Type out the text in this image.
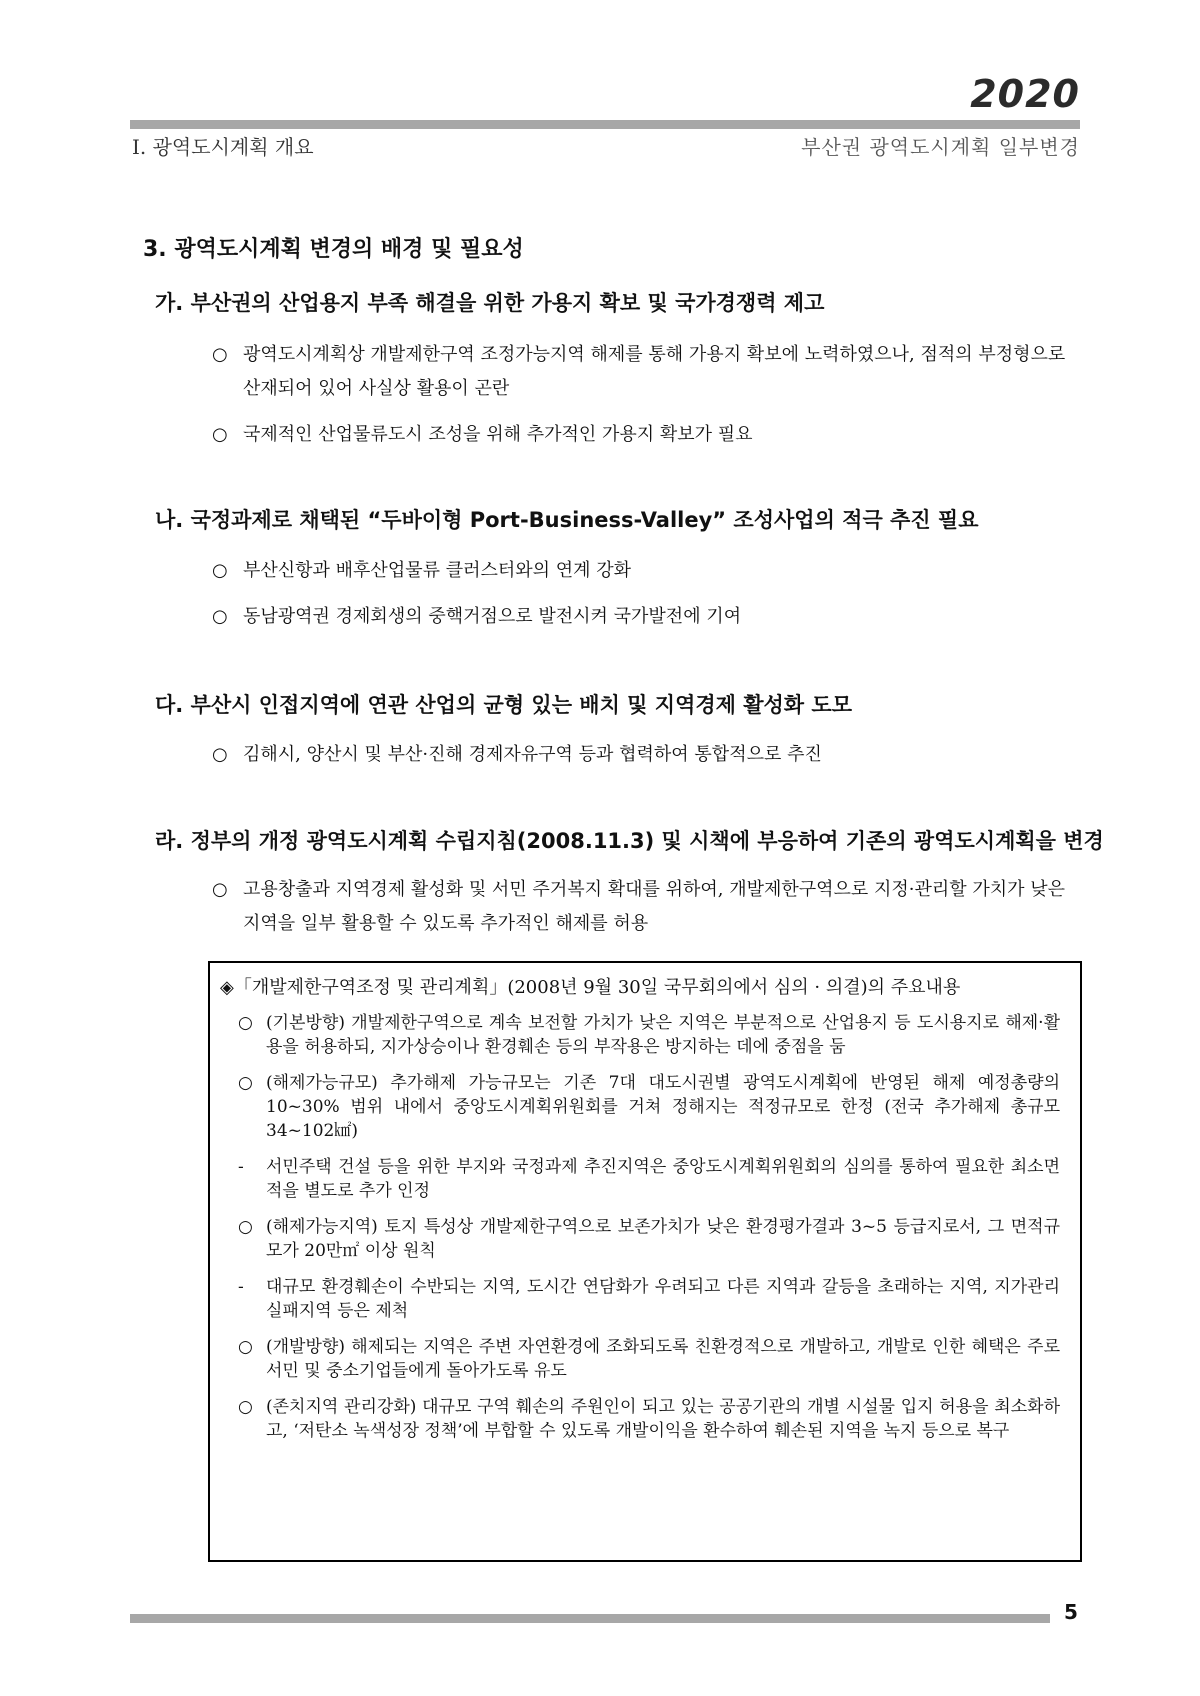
2020
Ⅰ. 광역도시계획 개요	부산권 광역도시계획 일부변경
3. 광역도시계획 변경의 배경 및 필요성
가. 부산권의 산업용지 부족 해결을 위한 가용지 확보 및 국가경쟁력 제고
○ 광역도시계획상 개발제한구역 조정가능지역 해제를 통해 가용지 확보에 노력하였으나, 점적의 부정형으로 산재되어 있어 사실상 활용이 곤란
○ 국제적인 산업물류도시 조성을 위해 추가적인 가용지 확보가 필요
나. 국정과제로 채택된 “두바이형 Port-Business-Valley” 조성사업의 적극 추진 필요
○ 부산신항과 배후산업물류 클러스터와의 연계 강화
○ 동남광역권 경제회생의 중핵거점으로 발전시켜 국가발전에 기여
다. 부산시 인접지역에 연관 산업의 균형 있는 배치 및 지역경제 활성화 도모
○ 김해시, 양산시 및 부산·진해 경제자유구역 등과 협력하여 통합적으로 추진
라. 정부의 개정 광역도시계획 수립지침(2008.11.3) 및 시책에 부응하여 기존의 광역도시계획을 변경
○ 고용창출과 지역경제 활성화 및 서민 주거복지 확대를 위하여, 개발제한구역으로 지정·관리할 가치가 낮은 지역을 일부 활용할 수 있도록 추가적인 해제를 허용

◈「개발제한구역조정 및 관리계획」(2008년 9월 30일 국무회의에서 심의 · 의결)의 주요내용

○ (기본방향) 개발제한구역으로 계속 보전할 가치가 낮은 지역은 부분적으로 산업용지 등 도시용지로 해제·활용을 허용하되, 지가상승이나 환경훼손 등의 부작용은 방지하는 데에 중점을 둠
○ (해제가능규모) 추가해제 가능규모는 기존 7대 대도시권별 광역도시계획에 반영된 해제 예정총량의 10~30% 범위 내에서 중앙도시계획위원회를 거쳐 정해지는 적정규모로 한정 (전국 추가해제 총규모 34~102㎢)
- 서민주택 건설 등을 위한 부지와 국정과제 추진지역은 중앙도시계획위원회의 심의를 통하여 필요한 최소면적을 별도로 추가 인정
○ (해제가능지역) 토지 특성상 개발제한구역으로 보존가치가 낮은 환경평가결과 3~5 등급지로서, 그 면적규모가 20만㎡ 이상 원칙
- 대규모 환경훼손이 수반되는 지역, 도시간 연담화가 우려되고 다른 지역과 갈등을 초래하는 지역, 지가관리 실패지역 등은 제척
○ (개발방향) 해제되는 지역은 주변 자연환경에 조화되도록 친환경적으로 개발하고, 개발로 인한 혜택은 주로 서민 및 중소기업들에게 돌아가도록 유도
○ (존치지역 관리강화) 대규모 구역 훼손의 주원인이 되고 있는 공공기관의 개별 시설물 입지 허용을 최소화하고, ‘저탄소 녹색성장 정책’에 부합할 수 있도록 개발이익을 환수하여 훼손된 지역을 녹지 등으로 복구
5
